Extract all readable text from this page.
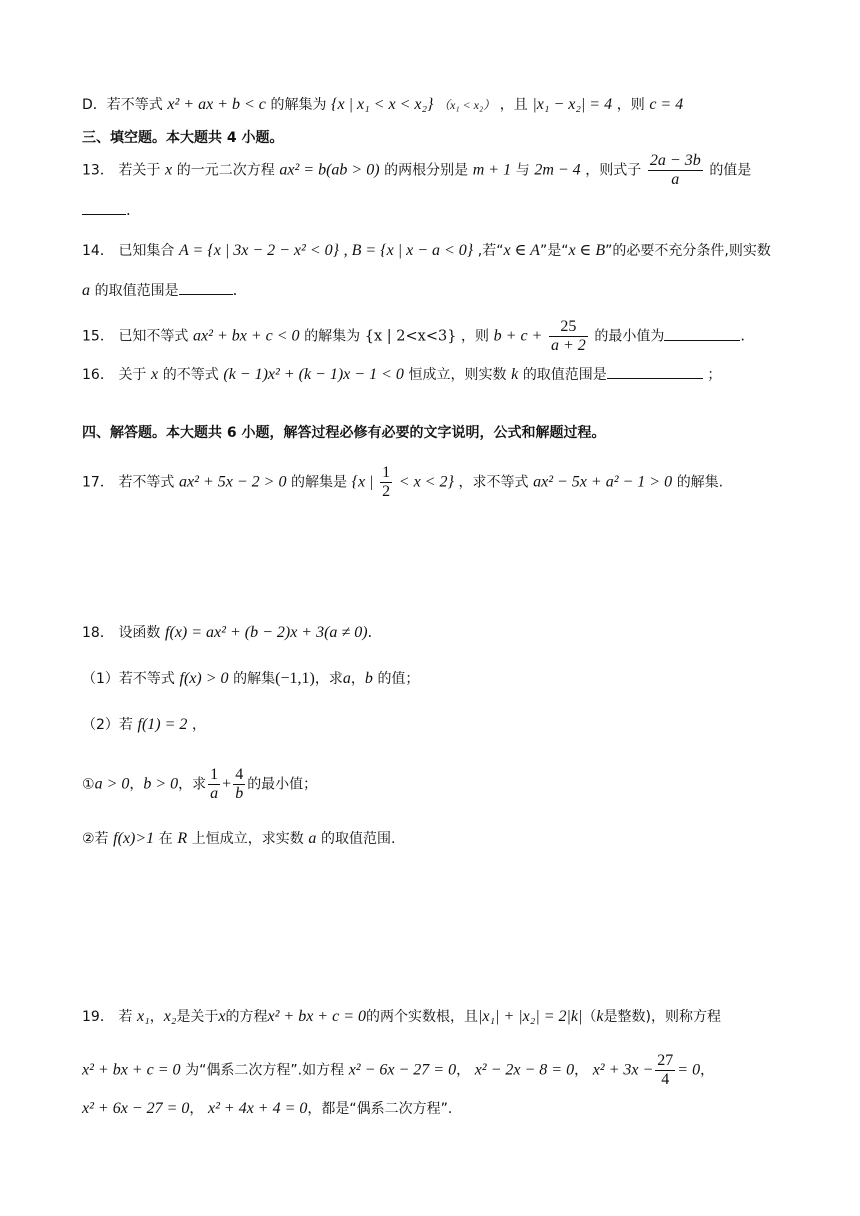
D．若不等式 x² + ax + b < c 的解集为 {x | x₁ < x < x₂} （x₁ < x₂） ，且 |x₁ − x₂| = 4 ，则 c = 4
三、填空题。本大题共 4 小题。
13． 若关于 x 的一元二次方程 ax² = b(ab > 0) 的两根分别是 m + 1 与 2m − 4 ，则式子 $\frac{2a - 3b}{a}$ 的值是
.
14． 已知集合 A = {x | 3x − 2 − x² < 0} , B = {x | x − a < 0} ,若“x ∈ A”是“x ∈ B”的必要不充分条件,则实数
a 的取值范围是	.
15． 已知不等式 ax² + bx + c < 0 的解集为 {x | 2<x<3} ，则 $b + c + \frac{25}{a + 2}$ 的最小值为	.
16． 关于 x 的不等式 (k − 1)x² + (k − 1)x − 1 < 0 恒成立，则实数 k 的取值范围是	；
四、解答题。本大题共 6 小题，解答过程必修有必要的文字说明，公式和解题过程。
17． 若不等式 ax² + 5x − 2 > 0 的解集是 {x | $\frac{1}{2} < x < 2$} ，求不等式 ax² − 5x + a² − 1 > 0 的解集.
18． 设函数 f(x) = ax² + (b − 2)x + 3(a ≠ 0).
（1）若不等式 f(x) > 0 的解集(−1,1)，求a，b 的值；
（2）若 f(1) = 2 ，
①a > 0，b > 0，求 $\frac{1}{a} + \frac{4}{b}$ 的最小值；
②若 f(x)>1 在 R 上恒成立，求实数 a 的取值范围.
19． 若 x₁，x₂是关于x的方程x² + bx + c = 0的两个实数根，且|x₁| + |x₂| = 2|k|（k是整数)，则称方程
x² + bx + c = 0 为“偶系二次方程”.如方程 x² − 6x − 27 = 0， x² − 2x − 8 = 0， $x^2 + 3x - \frac{27}{4} = 0$，
x² + 6x − 27 = 0， x² + 4x + 4 = 0，都是“偶系二次方程”.
